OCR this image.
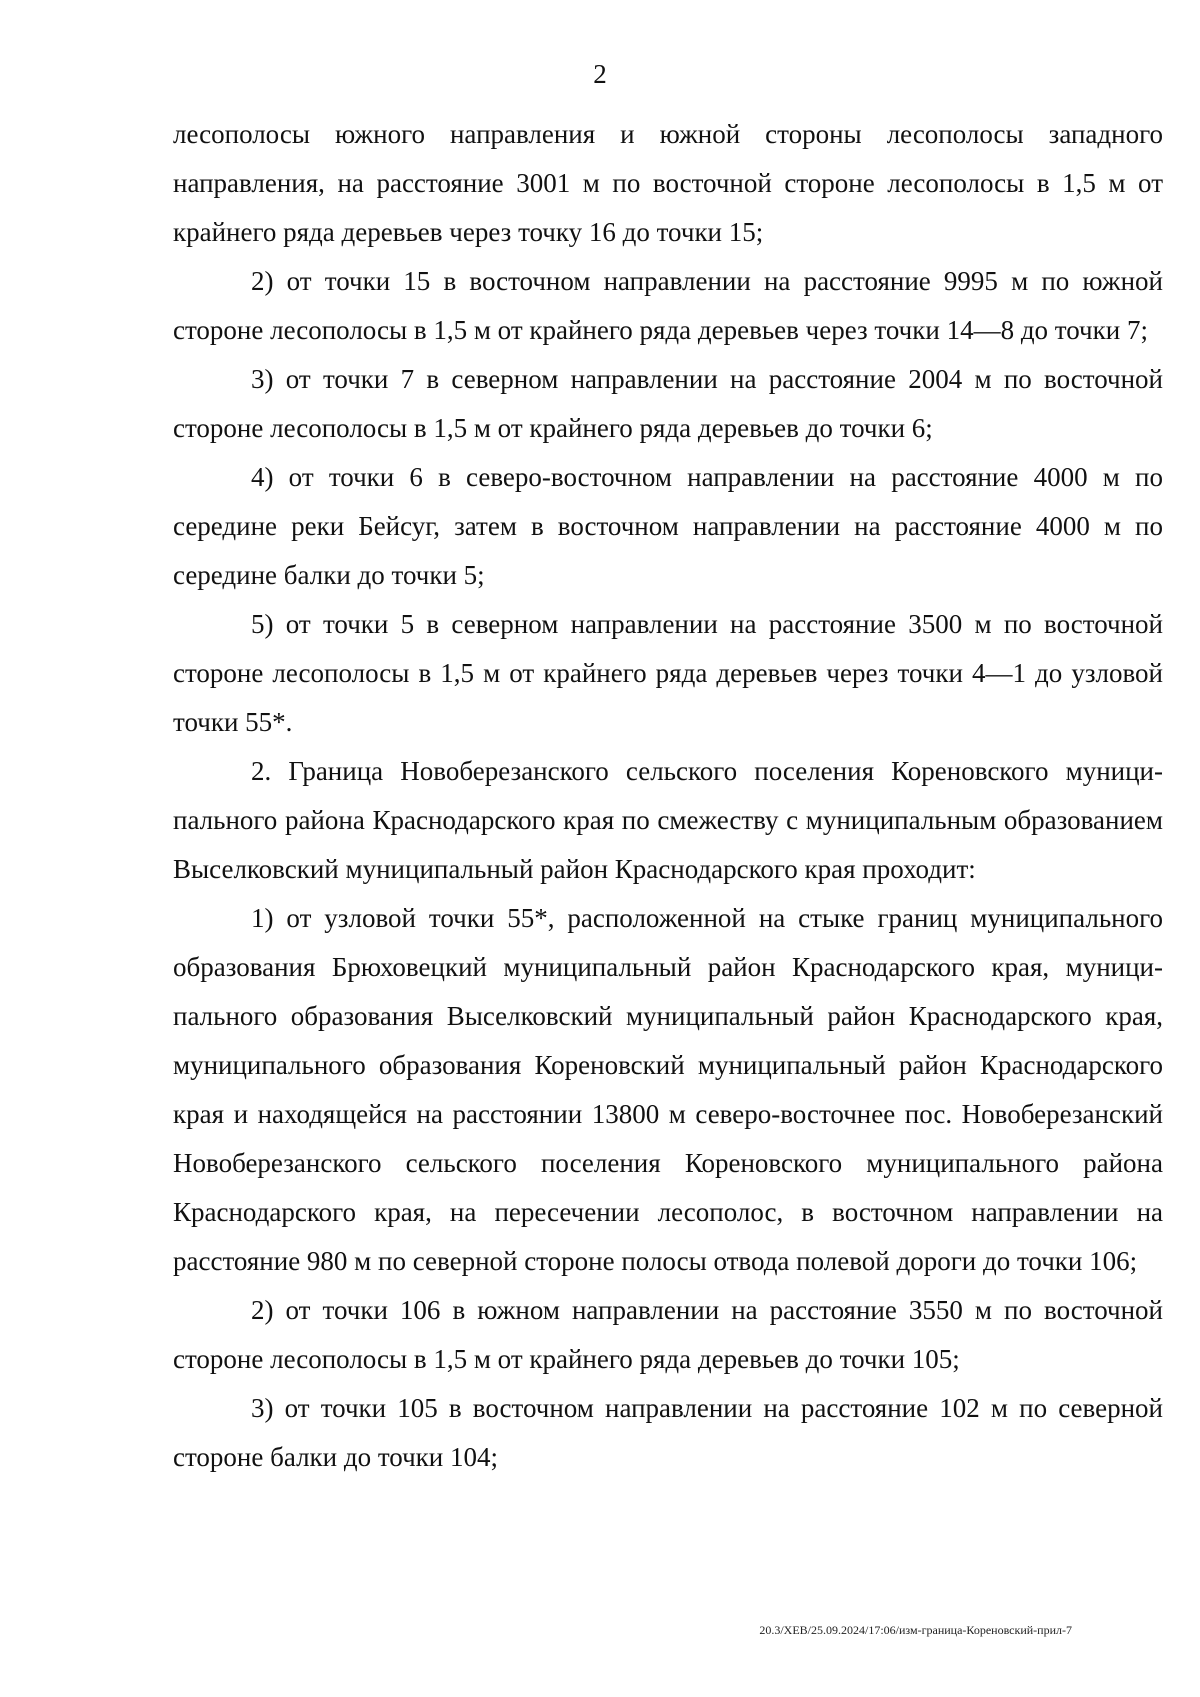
2

лесополосы южного направления и южной стороны лесополосы западного направления, на расстояние 3001 м по восточной стороне лесополосы в 1,5 м от крайнего ряда деревьев через точку 16 до точки 15;

2) от точки 15 в восточном направлении на расстояние 9995 м по южной стороне лесополосы в 1,5 м от крайнего ряда деревьев через точки 14—8 до точки 7;

3) от точки 7 в северном направлении на расстояние 2004 м по восточной стороне лесополосы в 1,5 м от крайнего ряда деревьев до точки 6;

4) от точки 6 в северо-восточном направлении на расстояние 4000 м по середине реки Бейсуг, затем в восточном направлении на расстояние 4000 м по середине балки до точки 5;

5) от точки 5 в северном направлении на расстояние 3500 м по восточной стороне лесополосы в 1,5 м от крайнего ряда деревьев через точки 4—1 до узловой точки 55*.

2. Граница Новоберезанского сельского поселения Кореновского муниципального района Краснодарского края по смежеству с муниципальным образованием Выселковский муниципальный район Краснодарского края проходит:

1) от узловой точки 55*, расположенной на стыке границ муниципального образования Брюховецкий муниципальный район Краснодарского края, муниципального образования Выселковский муниципальный район Краснодарского края, муниципального образования Кореновский муниципальный район Краснодарского края и находящейся на расстоянии 13800 м северо-восточнее пос. Новоберезанский Новоберезанского сельского поселения Кореновского муниципального района Краснодарского края, на пересечении лесополос, в восточном направлении на расстояние 980 м по северной стороне полосы отвода полевой дороги до точки 106;

2) от точки 106 в южном направлении на расстояние 3550 м по восточной стороне лесополосы в 1,5 м от крайнего ряда деревьев до точки 105;

3) от точки 105 в восточном направлении на расстояние 102 м по северной стороне балки до точки 104;

20.3/ХЕВ/25.09.2024/17:06/изм-граница-Кореновский-прил-7
